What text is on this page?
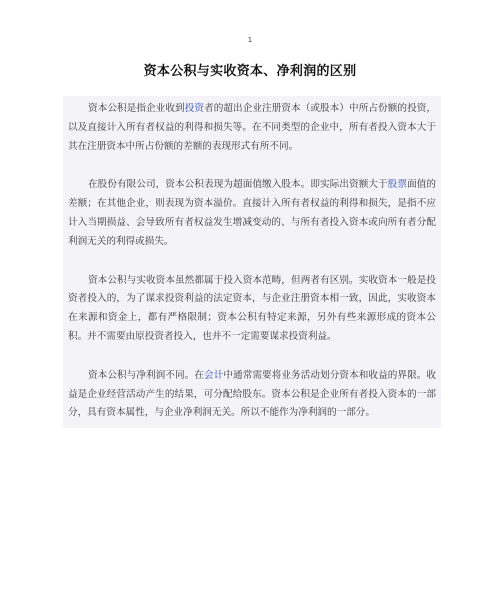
1
资本公积与实收资本、净利润的区别

资本公积是指企业收到投资者的超出企业注册资本（或股本）中所占份额的投资，以及直接计入所有者权益的利得和损失等。在不同类型的企业中，所有者投入资本大于其在注册资本中所占份额的差额的表现形式有所不同。

在股份有限公司，资本公积表现为超面值缴入股本。即实际出资额大于股票面值的差额；在其他企业，则表现为资本溢价。直接计入所有者权益的利得和损失，是指不应计入当期损益、会导致所有者权益发生增减变动的、与所有者投入资本或向所有者分配利润无关的利得或损失。

资本公积与实收资本虽然都属于投入资本范畴，但两者有区别。实收资本一般是投资者投入的，为了谋求投资利益的法定资本，与企业注册资本相一致，因此，实收资本在来源和资金上，都有严格限制；资本公积有特定来源，另外有些来源形成的资本公积。并不需要由原投资者投入，也并不一定需要谋求投资利益。

资本公积与净利润不同。在会计中通常需要将业务活动划分资本和收益的界限。收益是企业经营活动产生的结果，可分配给股东。资本公积是企业所有者投入资本的一部分，具有资本属性，与企业净利润无关。所以不能作为净利润的一部分。
